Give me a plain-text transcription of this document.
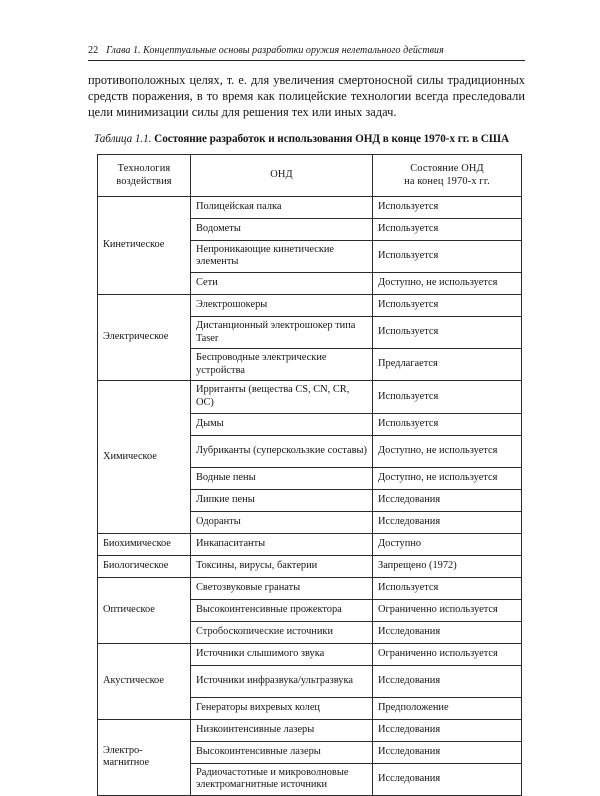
22 Глава 1. Концептуальные основы разработки оружия нелетального действия

противоположных целях, т. е. для увеличения смертоносной силы традиционных средств поражения, в то время как полицейские технологии всегда преследовали цели минимизации силы для решения тех или иных задач.

Таблица 1.1. Состояние разработок и использования ОНД в конце 1970-х гг. в США
Технология
воздействия	ОНД	Состояние ОНД
на конец 1970-х гг.

Кинетическое	Полицейская палка	Используется
	Водометы	Используется
	Непроникающие кинетические элементы	Используется
	Сети	Доступно, не используется
Электрическое	Электрошокеры	Используется
	Дистанционный электрошокер типа Taser	Используется
	Беспроводные электрические устройства	Предлагается
Химическое	Ирританты (вещества CS, CN, CR, OC)	Используется
	Дымы	Используется
	Лубриканты (суперскользкие составы)	Доступно, не используется
	Водные пены	Доступно, не используется
	Липкие пены	Исследования
	Одоранты	Исследования
Биохимическое	Инкапаситанты	Доступно
Биологическое	Токсины, вирусы, бактерии	Запрещено (1972)
Оптическое	Светозвуковые гранаты	Используется
	Высокоинтенсивные прожектора	Ограниченно используется
	Стробоскопические источники	Исследования
Акустическое	Источники слышимого звука	Ограниченно используется
	Источники инфразвука/ультразвука	Исследования
	Генераторы вихревых колец	Предположение
Электро-
магнитное	Низкоинтенсивные лазеры	Исследования
	Высокоинтенсивные лазеры	Исследования
	Радиочастотные и микроволновые электромагнитные источники	Исследования
